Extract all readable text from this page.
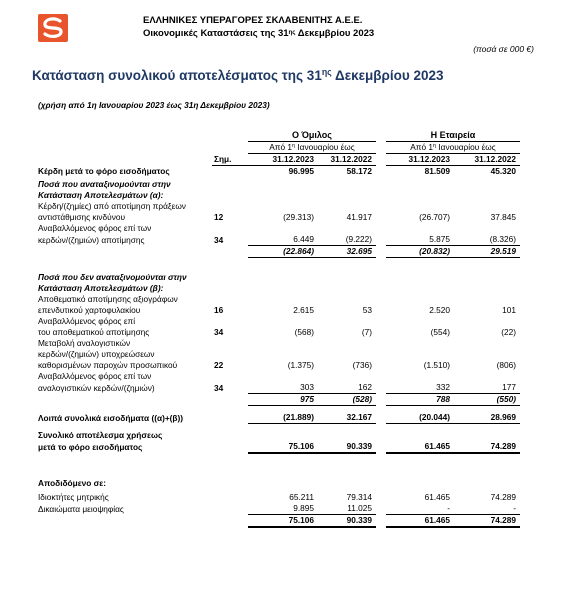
ΕΛΛΗΝΙΚΕΣ ΥΠΕΡΑΓΟΡΕΣ ΣΚΛΑΒΕΝΙΤΗΣ Α.Ε.Ε.
Οικονομικές Καταστάσεις της $31^{\eta\varsigma}$ Δεκεμβρίου 2023
(ποσά σε 000 €)
Κατάσταση συνολικού αποτελέσματος της $31^{\eta\varsigma}$ Δεκεμβρίου 2023
(χρήση από 1η Ιανουαρίου 2023 έως 31η Δεκεμβρίου 2023)
		Ο Όμιλος			Η Εταιρεία	
		Από $1^\eta$ Ιανουαρίου έως			Από $1^\eta$ Ιανουαρίου έως	
	Σημ.	31.12.2023	31.12.2022		31.12.2023	31.12.2022
Κέρδη μετά το φόρο εισοδήματος		96.995	58.172		81.509	45.320

Ποσά που αναταξινομούνται στην						
Κατάσταση Αποτελεσμάτων (α):						
Κέρδη/(ζημίες) από αποτίμηση πράξεων						
αντιστάθμισης κινδύνου	12	(29.313)	41.917		(26.707)	37.845
Αναβαλλόμενος φόρος επί των						
κερδών/(ζημιών) αποτίμησης	34	6.449	(9.222)		5.875	(8.326)
		(22.864)	32.695		(20.832)	29.519

Ποσά που δεν αναταξινομούνται στην						
Κατάσταση Αποτελεσμάτων (β):						
Αποθεματικό αποτίμησης αξιογράφων						
επενδυτικού χαρτοφυλακίου	16	2.615	53		2.520	101
Αναβαλλόμενος φόρος επί						
του αποθεματικού αποτίμησης	34	(568)	(7)		(554)	(22)
Μεταβολή αναλογιστικών						
κερδών/(ζημιών) υποχρεώσεων						
καθορισμένων παροχών προσωπικού	22	(1.375)	(736)		(1.510)	(806)
Αναβαλλόμενος φόρος επί των						
αναλογιστικών κερδών/(ζημιών)	34	303	162		332	177
		975	(528)		788	(550)

Λοιπά συνολικά εισοδήματα ((α)+(β))		(21.889)	32.167		(20.044)	28.969

Συνολικό αποτέλεσμα χρήσεως						
μετά το φόρο εισοδήματος		75.106	90.339		61.465	74.289

Αποδιδόμενο σε:						

Ιδιοκτήτες μητρικής		65.211	79.314		61.465	74.289
Δικαιώματα μειοψηφίας		9.895	11.025		-	-
		75.106	90.339		61.465	74.289
